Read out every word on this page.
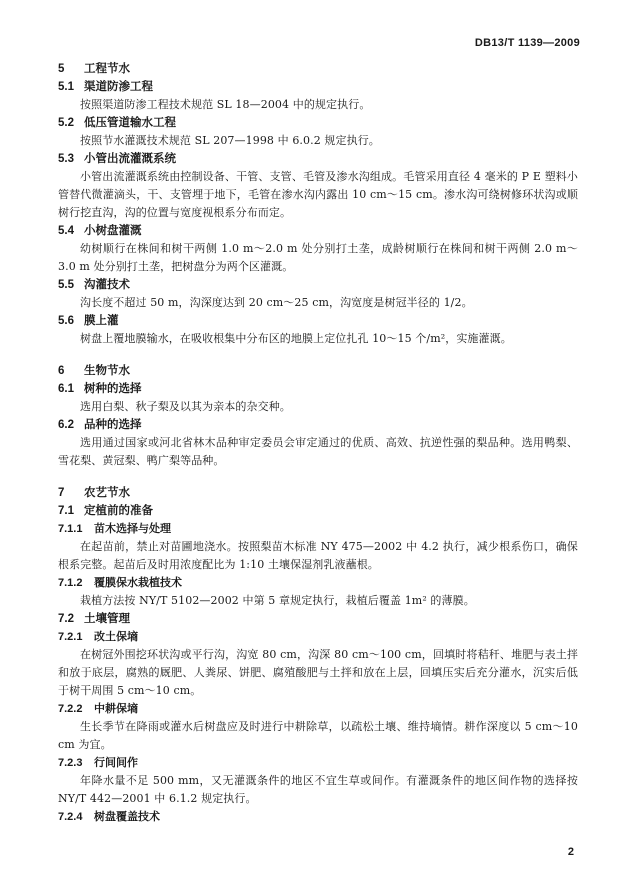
DB13/T 1139—2009
5 工程节水
5.1 渠道防渗工程
按照渠道防渗工程技术规范 SL 18—2004 中的规定执行。
5.2 低压管道输水工程
按照节水灌溉技术规范 SL 207—1998 中 6.0.2 规定执行。
5.3 小管出流灌溉系统
小管出流灌溉系统由控制设备、干管、支管、毛管及渗水沟组成。毛管采用直径 4 毫米的 P E 塑料小管替代微灌滴头，干、支管埋于地下，毛管在渗水沟内露出 10 cm～15 cm。渗水沟可绕树修环状沟或顺树行挖直沟，沟的位置与宽度视根系分布而定。
5.4 小树盘灌溉
幼树顺行在株间和树干两侧 1.0 m～2.0 m 处分别打土垄，成龄树顺行在株间和树干两侧 2.0 m～3.0 m 处分别打土垄，把树盘分为两个区灌溉。
5.5 沟灌技术
沟长度不超过 50 m，沟深度达到 20 cm～25 cm，沟宽度是树冠半径的 1/2。
5.6 膜上灌
树盘上覆地膜输水，在吸收根集中分布区的地膜上定位扎孔 10～15 个/m²，实施灌溉。
6 生物节水
6.1 树种的选择
选用白梨、秋子梨及以其为亲本的杂交种。
6.2 品种的选择
选用通过国家或河北省林木品种审定委员会审定通过的优质、高效、抗逆性强的梨品种。选用鸭梨、雪花梨、黄冠梨、鸭广梨等品种。
7 农艺节水
7.1 定植前的准备
7.1.1 苗木选择与处理
在起苗前，禁止对苗圃地浇水。按照梨苗木标准 NY 475—2002 中 4.2 执行，减少根系伤口，确保根系完整。起苗后及时用浓度配比为 1:10 土壤保湿剂乳液蘸根。
7.1.2 覆膜保水栽植技术
栽植方法按 NY/T 5102—2002 中第 5 章规定执行，栽植后覆盖 1m² 的薄膜。
7.2 土壤管理
7.2.1 改土保墒
在树冠外围挖环状沟或平行沟，沟宽 80 cm，沟深 80 cm～100 cm，回填时将秸秆、堆肥与表土拌和放于底层，腐熟的厩肥、人粪尿、饼肥、腐殖酸肥与土拌和放在上层，回填压实后充分灌水，沉实后低于树干周围 5 cm～10 cm。
7.2.2 中耕保墒
生长季节在降雨或灌水后树盘应及时进行中耕除草，以疏松土壤、维持墒情。耕作深度以 5 cm～10 cm 为宜。
7.2.3 行间间作
年降水量不足 500 mm，又无灌溉条件的地区不宜生草或间作。有灌溉条件的地区间作物的选择按 NY/T 442—2001 中 6.1.2 规定执行。
7.2.4 树盘覆盖技术
2
